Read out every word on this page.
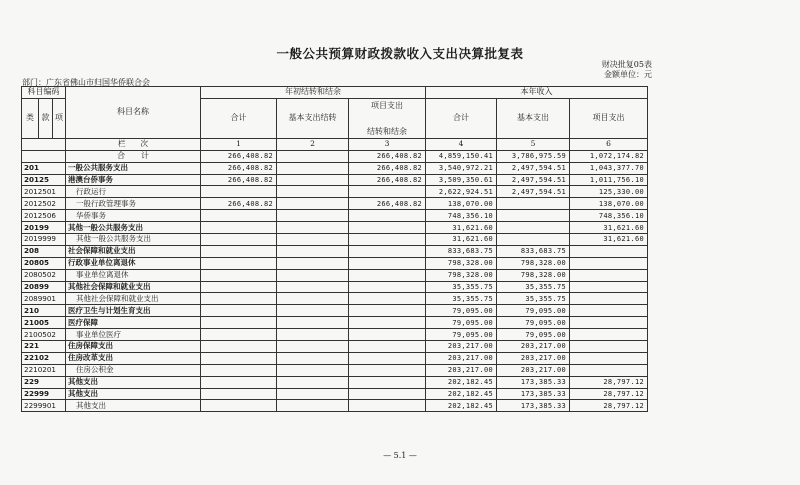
一般公共预算财政拨款收入支出决算批复表
财决批复05表
金额单位：元
部门：广东省佛山市归国华侨联合会
科目编码			科目名称	年初结转和结余			本年收入		
				合计	基本支出结转	项目支出

结转和结余	合计	基本支出	项目支出

类	款	项							
			栏　　次	1	2	3	4	5	6
			合　　计	266,408.82		266,408.82	4,859,150.41	3,786,975.59	1,072,174.82
201			一般公共服务支出	266,408.82		266,408.82	3,540,972.21	2,497,594.51	1,043,377.70
20125			港澳台侨事务	266,408.82		266,408.82	3,509,350.61	2,497,594.51	1,011,756.10
2012501			行政运行				2,622,924.51	2,497,594.51	125,330.00
2012502			一般行政管理事务	266,408.82		266,408.82	138,070.00		138,070.00
2012506			华侨事务				748,356.10		748,356.10
20199			其他一般公共服务支出				31,621.60		31,621.60
2019999			其他一般公共服务支出				31,621.60		31,621.60
208			社会保障和就业支出				833,683.75	833,683.75	
20805			行政事业单位离退休				798,328.00	798,328.00	
2080502			事业单位离退休				798,328.00	798,328.00	
20899			其他社会保障和就业支出				35,355.75	35,355.75	
2089901			其他社会保障和就业支出				35,355.75	35,355.75	
210			医疗卫生与计划生育支出				79,095.00	79,095.00	
21005			医疗保障				79,095.00	79,095.00	
2100502			事业单位医疗				79,095.00	79,095.00	
221			住房保障支出				203,217.00	203,217.00	
22102			住房改革支出				203,217.00	203,217.00	
2210201			住房公积金				203,217.00	203,217.00	
229			其他支出				202,182.45	173,385.33	28,797.12
22999			其他支出				202,182.45	173,385.33	28,797.12
2299901			其他支出				202,182.45	173,385.33	28,797.12
— 5.1 —
